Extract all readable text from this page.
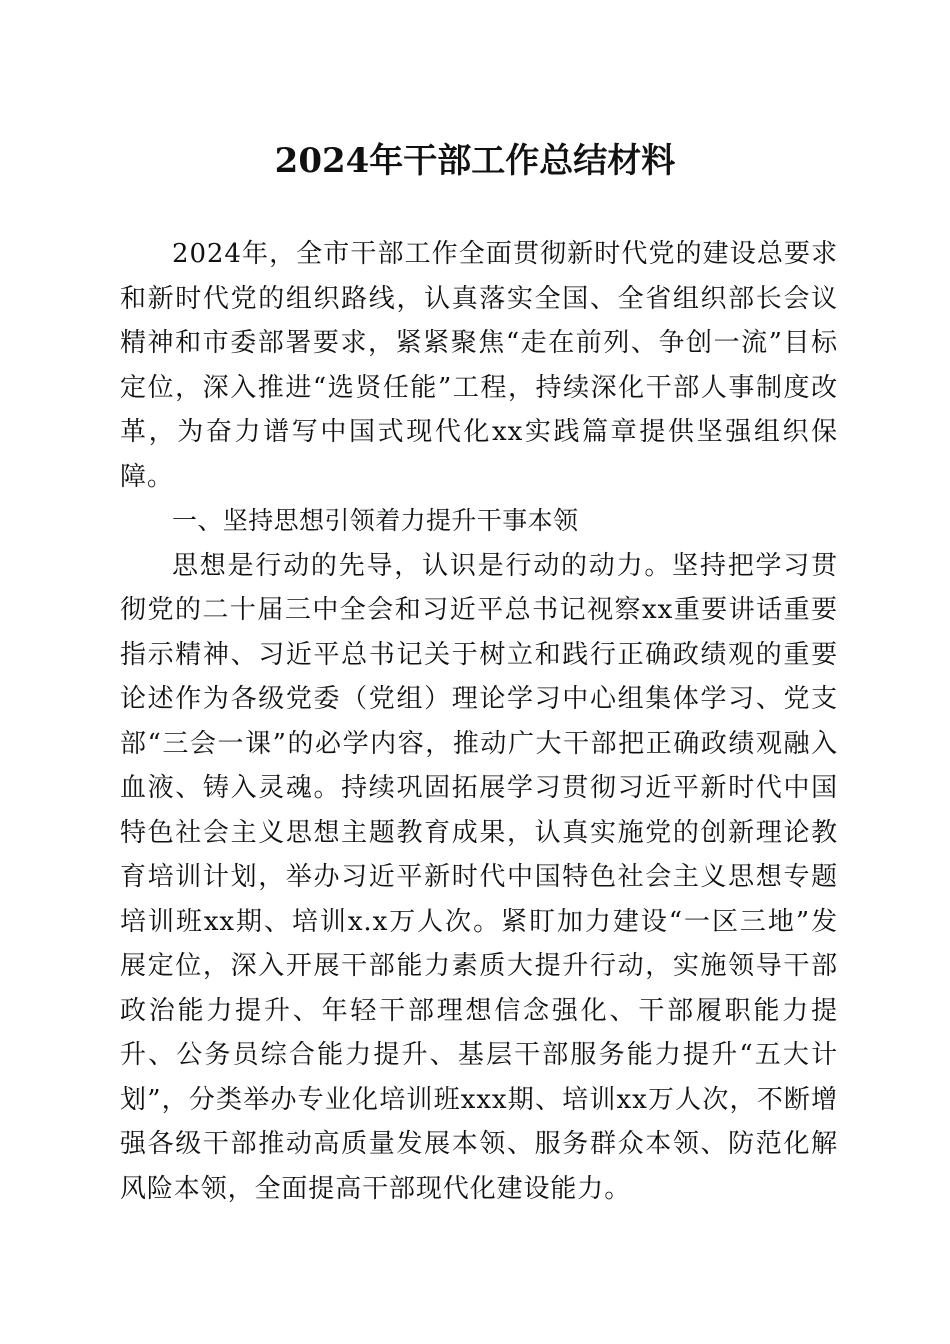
2024年干部工作总结材料

2024年，全市干部工作全面贯彻新时代党的建设总要求和新时代党的组织路线，认真落实全国、全省组织部长会议精神和市委部署要求，紧紧聚焦“走在前列、争创一流”目标定位，深入推进“选贤任能”工程，持续深化干部人事制度改革，为奋力谱写中国式现代化xx实践篇章提供坚强组织保障。

一、坚持思想引领着力提升干事本领

思想是行动的先导，认识是行动的动力。坚持把学习贯彻党的二十届三中全会和习近平总书记视察xx重要讲话重要指示精神、习近平总书记关于树立和践行正确政绩观的重要论述作为各级党委（党组）理论学习中心组集体学习、党支部“三会一课”的必学内容，推动广大干部把正确政绩观融入血液、铸入灵魂。持续巩固拓展学习贯彻习近平新时代中国特色社会主义思想主题教育成果，认真实施党的创新理论教育培训计划，举办习近平新时代中国特色社会主义思想专题培训班xx期、培训x.x万人次。紧盯加力建设“一区三地”发展定位，深入开展干部能力素质大提升行动，实施领导干部政治能力提升、年轻干部理想信念强化、干部履职能力提升、公务员综合能力提升、基层干部服务能力提升“五大计划”，分类举办专业化培训班xxx期、培训xx万人次，不断增强各级干部推动高质量发展本领、服务群众本领、防范化解风险本领，全面提高干部现代化建设能力。
